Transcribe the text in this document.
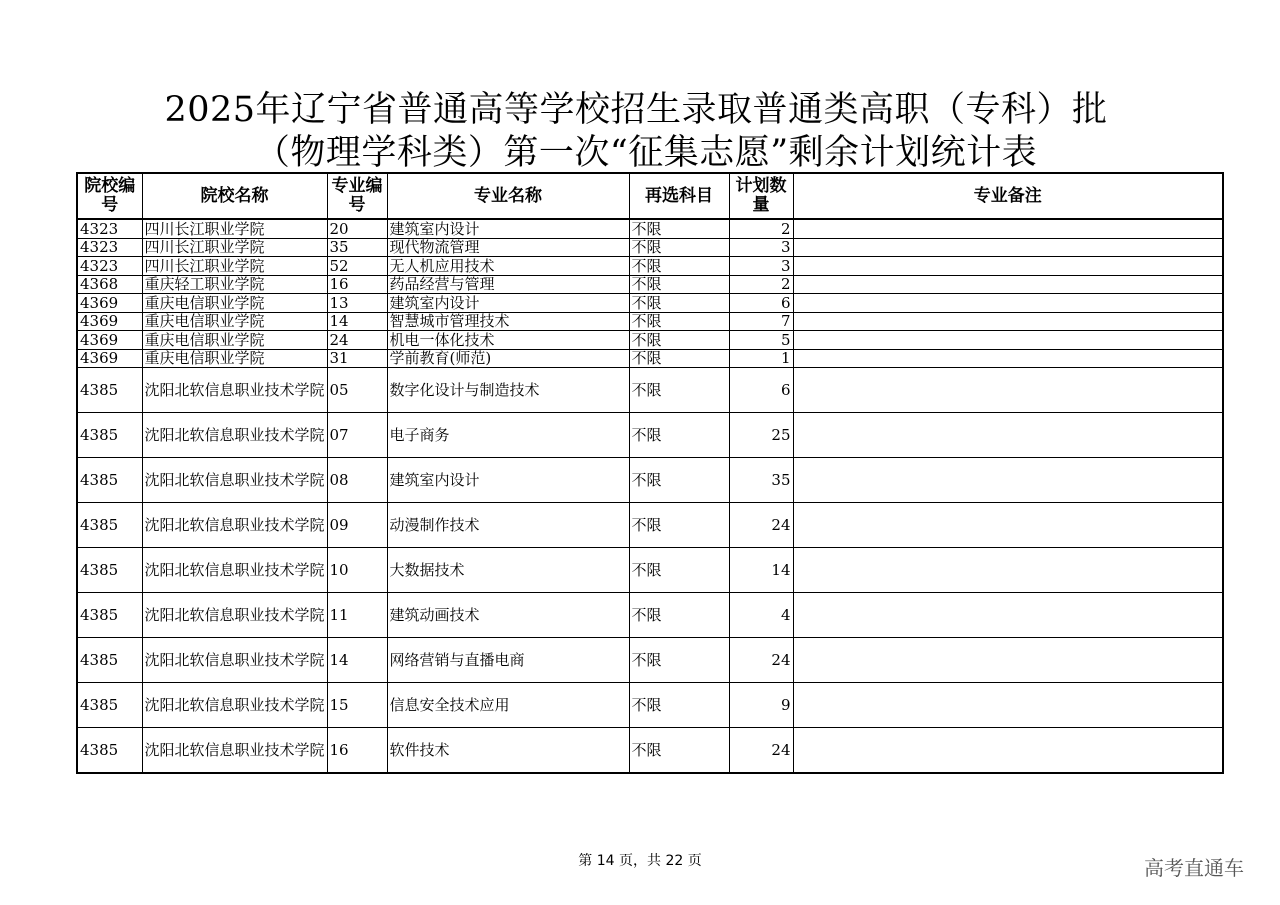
2025年辽宁省普通高等学校招生录取普通类高职（专科）批
（物理学科类）第一次“征集志愿”剩余计划统计表
院校编号	院校名称	专业编号	专业名称	再选科目	计划数量	专业备注
4323	四川长江职业学院	20	建筑室内设计	不限	2	
4323	四川长江职业学院	35	现代物流管理	不限	3	
4323	四川长江职业学院	52	无人机应用技术	不限	3	
4368	重庆轻工职业学院	16	药品经营与管理	不限	2	
4369	重庆电信职业学院	13	建筑室内设计	不限	6	
4369	重庆电信职业学院	14	智慧城市管理技术	不限	7	
4369	重庆电信职业学院	24	机电一体化技术	不限	5	
4369	重庆电信职业学院	31	学前教育(师范)	不限	1	
4385	沈阳北软信息职业技术学院	05	数字化设计与制造技术	不限	6	
4385	沈阳北软信息职业技术学院	07	电子商务	不限	25	
4385	沈阳北软信息职业技术学院	08	建筑室内设计	不限	35	
4385	沈阳北软信息职业技术学院	09	动漫制作技术	不限	24	
4385	沈阳北软信息职业技术学院	10	大数据技术	不限	14	
4385	沈阳北软信息职业技术学院	11	建筑动画技术	不限	4	
4385	沈阳北软信息职业技术学院	14	网络营销与直播电商	不限	24	
4385	沈阳北软信息职业技术学院	15	信息安全技术应用	不限	9	
4385	沈阳北软信息职业技术学院	16	软件技术	不限	24	
第 14 页，共 22 页	高考直通车
